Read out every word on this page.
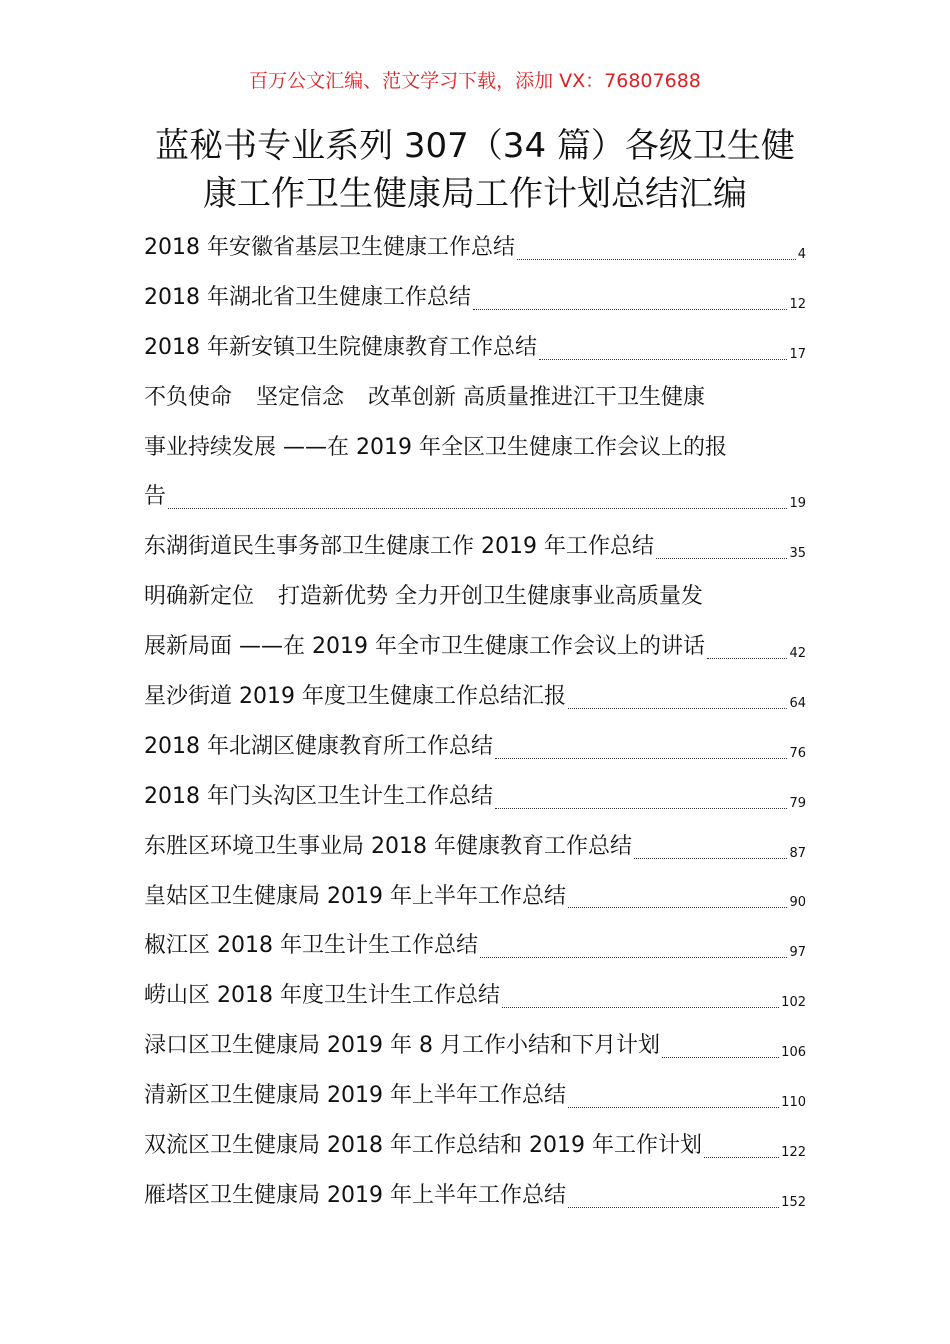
百万公文汇编、范文学习下载，添加 VX：76807688
蓝秘书专业系列 307（34 篇）各级卫生健
康工作卫生健康局工作计划总结汇编
2018 年安徽省基层卫生健康工作总结	4
2018 年湖北省卫生健康工作总结	12
2018 年新安镇卫生院健康教育工作总结	17
不负使命 坚定信念 改革创新 高质量推进江干卫生健康
事业持续发展 ——在 2019 年全区卫生健康工作会议上的报
告	19
东湖街道民生事务部卫生健康工作 2019 年工作总结	35
明确新定位 打造新优势 全力开创卫生健康事业高质量发
展新局面 ——在 2019 年全市卫生健康工作会议上的讲话	42
星沙街道 2019 年度卫生健康工作总结汇报	64
2018 年北湖区健康教育所工作总结	76
2018 年门头沟区卫生计生工作总结	79
东胜区环境卫生事业局 2018 年健康教育工作总结	87
皇姑区卫生健康局 2019 年上半年工作总结	90
椒江区 2018 年卫生计生工作总结	97
崂山区 2018 年度卫生计生工作总结	102
渌口区卫生健康局 2019 年 8 月工作小结和下月计划	106
清新区卫生健康局 2019 年上半年工作总结	110
双流区卫生健康局 2018 年工作总结和 2019 年工作计划	122
雁塔区卫生健康局 2019 年上半年工作总结	152
